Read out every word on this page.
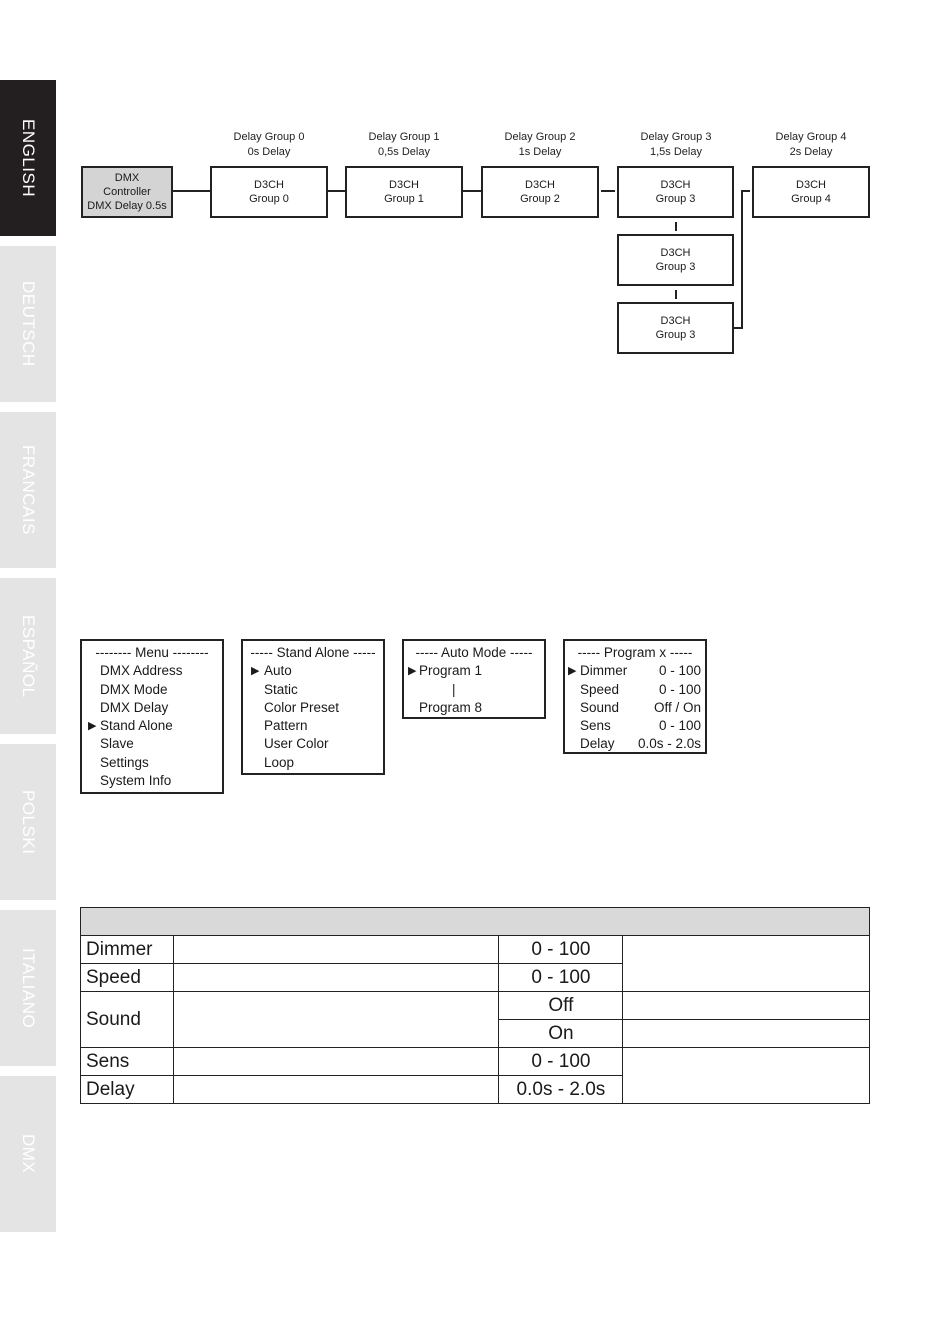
ENGLISH
DEUTSCH
FRANCAIS
ESPAÑOL
POLSKI
ITALIANO
DMX
DMX
Controller
DMX Delay 0.5s
Delay Group 0
0s Delay
D3CH
Group 0
Delay Group 1
0,5s Delay
D3CH
Group 1
Delay Group 2
1s Delay
D3CH
Group 2
Delay Group 3
1,5s Delay
D3CH
Group 3
D3CH
Group 3
D3CH
Group 3
Delay Group 4
2s Delay
D3CH
Group 4
-------- Menu --------
DMX Address
DMX Mode
DMX Delay
▶ Stand Alone
Slave
Settings
System Info
----- Stand Alone -----
▶ Auto
Static
Color Preset
Pattern
User Color
Loop
----- Auto Mode -----
▶ Program 1
|
Program 8
----- Program x -----
▶ Dimmer 0 - 100
Speed	0 - 100
Sound	Off / On
Sens	0 - 100
Delay 0.0s - 2.0s

Dimmer		0 - 100	
Speed		0 - 100	
Sound		Off	
		On	
Sens		0 - 100	
Delay		0.0s - 2.0s	
